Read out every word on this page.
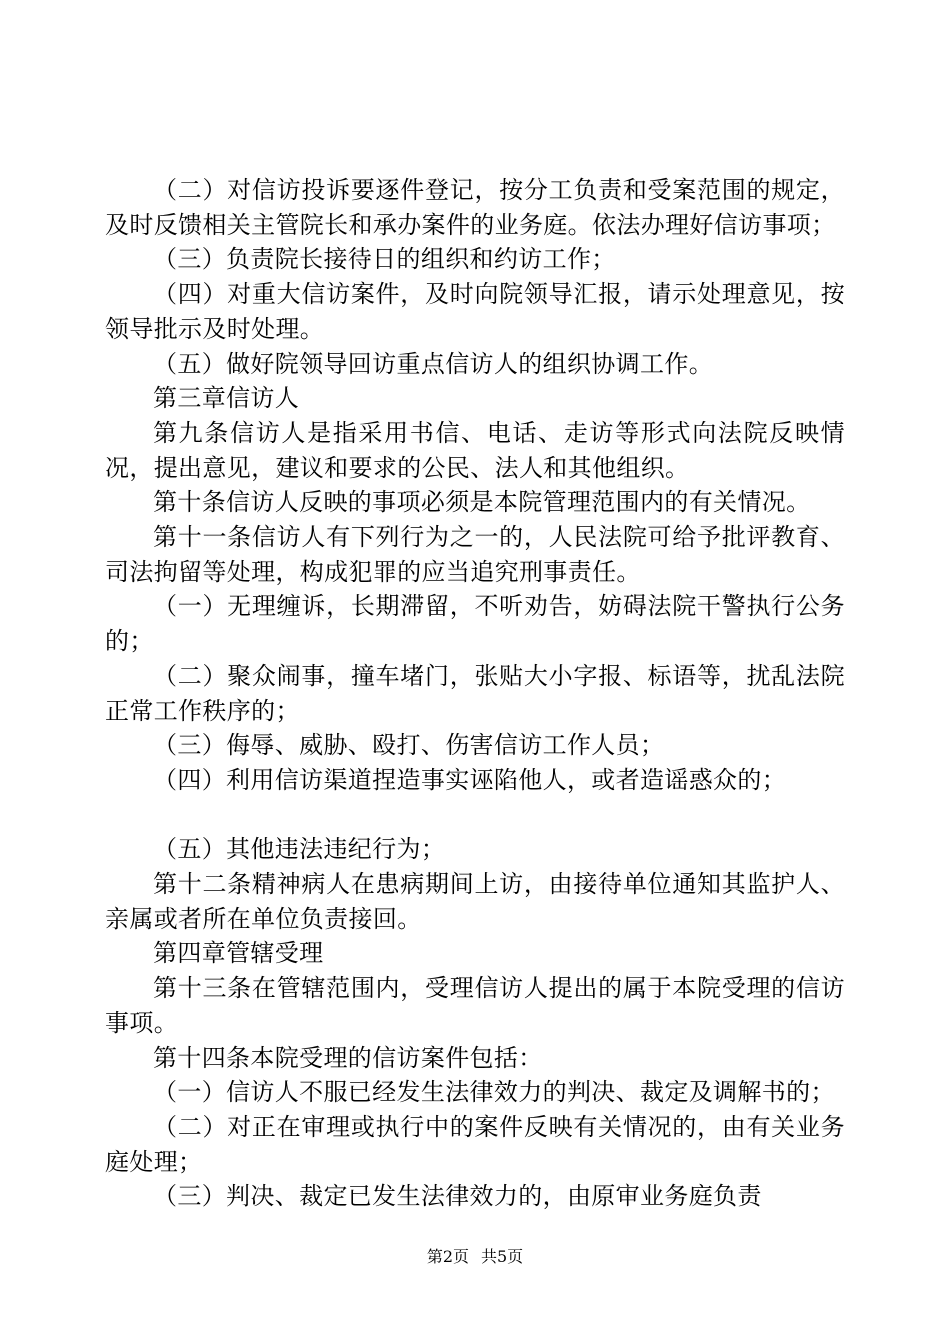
（二）对信访投诉要逐件登记，按分工负责和受案范围的规定，及时反馈相关主管院长和承办案件的业务庭。依法办理好信访事项；

（三）负责院长接待日的组织和约访工作；

（四）对重大信访案件，及时向院领导汇报，请示处理意见，按领导批示及时处理。

（五）做好院领导回访重点信访人的组织协调工作。

第三章信访人

第九条信访人是指采用书信、电话、走访等形式向法院反映情况，提出意见，建议和要求的公民、法人和其他组织。

第十条信访人反映的事项必须是本院管理范围内的有关情况。

第十一条信访人有下列行为之一的，人民法院可给予批评教育、司法拘留等处理，构成犯罪的应当追究刑事责任。

（一）无理缠诉，长期滞留，不听劝告，妨碍法院干警执行公务的；

（二）聚众闹事，撞车堵门，张贴大小字报、标语等，扰乱法院正常工作秩序的；

（三）侮辱、威胁、殴打、伤害信访工作人员；

（四）利用信访渠道捏造事实诬陷他人，或者造谣惑众的；

（五）其他违法违纪行为；

第十二条精神病人在患病期间上访，由接待单位通知其监护人、亲属或者所在单位负责接回。

第四章管辖受理

第十三条在管辖范围内，受理信访人提出的属于本院受理的信访事项。

第十四条本院受理的信访案件包括：

（一）信访人不服已经发生法律效力的判决、裁定及调解书的；

（二）对正在审理或执行中的案件反映有关情况的，由有关业务庭处理；

（三）判决、裁定已发生法律效力的，由原审业务庭负责

第2页 共5页
